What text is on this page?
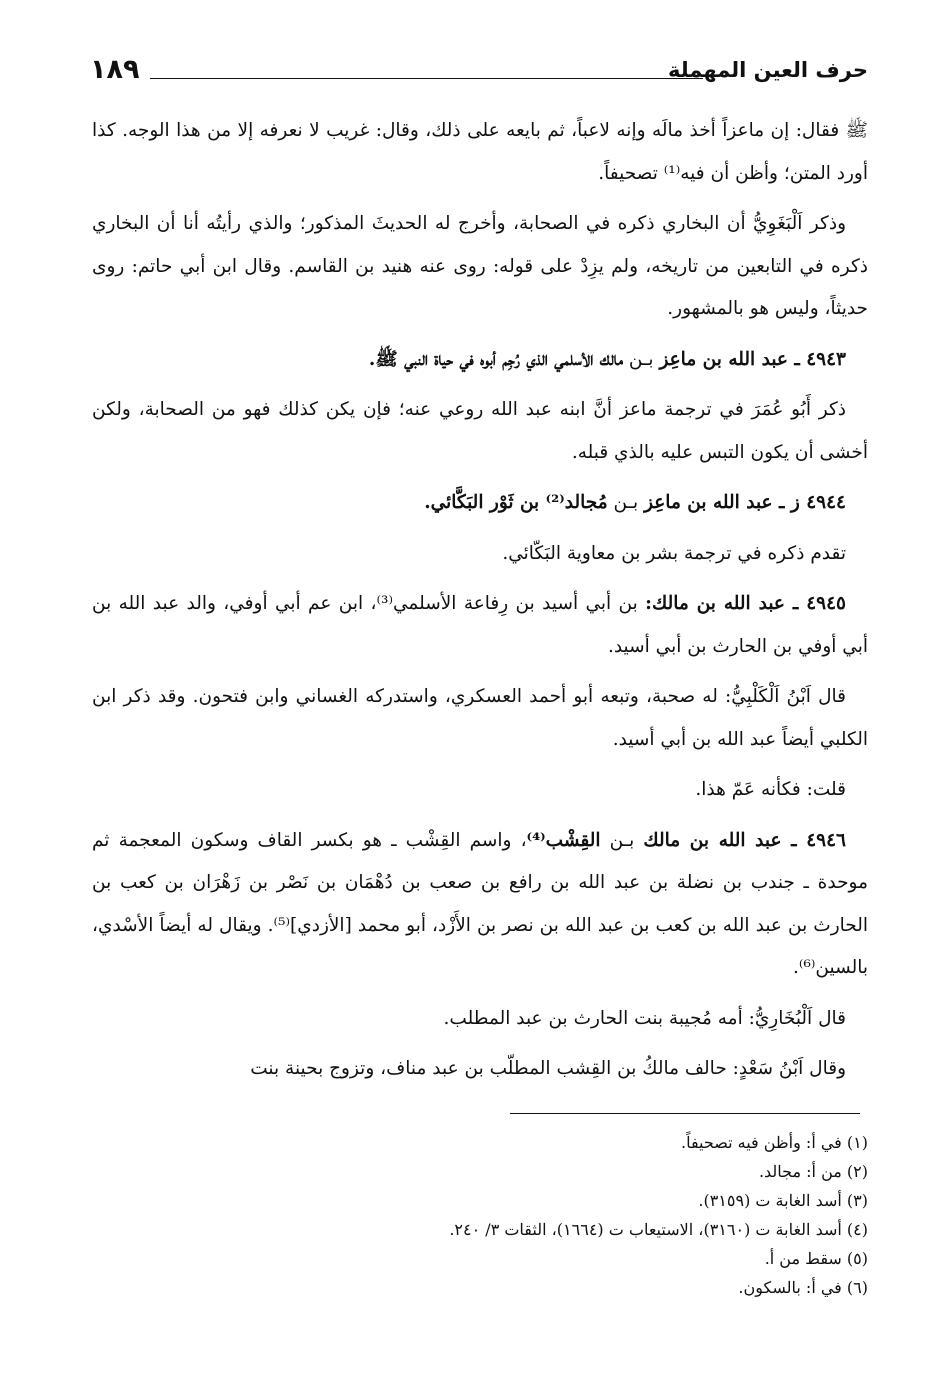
حرف العين المهملة
١٨٩

ﷺ فقال: إن ماعزاً أخذ مالَه وإنه لاعباً، ثم بايعه على ذلك، وقال: غريب لا نعرفه إلا من هذا الوجه. كذا أورد المتن؛ وأظن أن فيه⁽¹⁾ تصحيفاً.

وذكر اَلْبَغَوِيُّ أن البخاري ذكره في الصحابة، وأخرج له الحديثَ المذكور؛ والذي رأيتُه أنا أن البخاري ذكره في التابعين من تاريخه، ولم يزِدْ على قوله: روى عنه هنيد بن القاسم. وقال ابن أبي حاتم: روى حديثاً، وليس هو بالمشهور.

٤٩٤٣ ـ عبد الله بن ماعِز بـن مالك الأسلمي الذي رُجِم أبوه في حياة النبي ﷺ.

ذكر أَبُو عُمَرَ في ترجمة ماعز أنَّ ابنه عبد الله روعي عنه؛ فإن يكن كذلك فهو من الصحابة، ولكن أخشى أن يكون التبس عليه بالذي قبله.

٤٩٤٤ ز ـ عبد الله بن ماعِز بـن مُجالد⁽²⁾ بن ثَوْر البَكَّائي.

تقدم ذكره في ترجمة بشر بن معاوية البَكّائي.

٤٩٤٥ ـ عبد الله بن مالك: بن أبي أسيد بن رِفاعة الأسلمي⁽³⁾، ابن عم أبي أوفي، والد عبد الله بن أبي أوفي بن الحارث بن أبي أسيد.

قال اَبْنُ اَلْكَلْبِيُّ: له صحبة، وتبعه أبو أحمد العسكري، واستدركه الغساني وابن فتحون. وقد ذكر ابن الكلبي أيضاً عبد الله بن أبي أسيد.

قلت: فكأنه عَمّ هذا.

٤٩٤٦ ـ عبد الله بن مالك بـن القِشْب⁽⁴⁾، واسم القِشْب ـ هو بكسر القاف وسكون المعجمة ثم موحدة ـ جندب بن نضلة بن عبد الله بن رافع بن صعب بن دُهْمَان بن نَصْر بن زَهْرَان بن كعب بن الحارث بن عبد الله بن كعب بن عبد الله بن نصر بن الأَزْد، أبو محمد [الأزدي]⁽⁵⁾. ويقال له أيضاً الأسْدي، بالسين⁽⁶⁾.

قال اَلْبُخَارِيُّ: أمه مُجيبة بنت الحارث بن عبد المطلب.

وقال اَبْنُ سَعْدٍ: حالف مالكُ بن القِشب المطلّب بن عبد مناف، وتزوج بحينة بنت

(١) في أ: وأظن فيه تصحيفاً.
(٢) من أ: مجالد.
(٣) أسد الغابة ت (٣١٥٩).
(٤) أسد الغابة ت (٣١٦٠)، الاستيعاب ت (١٦٦٤)، الثقات ٣/ ٢٤٠.
(٥) سقط من أ.
(٦) في أ: بالسكون.
